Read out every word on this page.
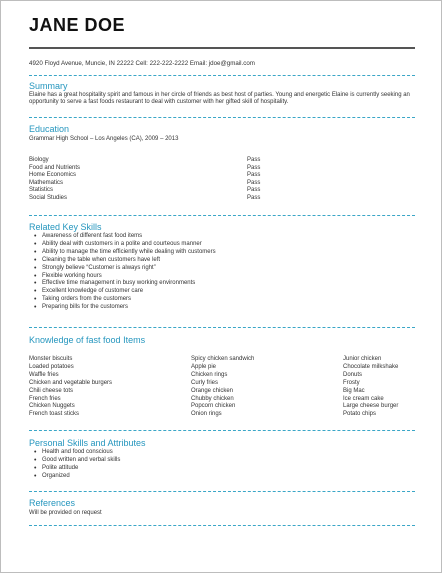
JANE DOE
4920 Floyd Avenue, Muncie, IN 22222 Cell: 222-222-2222 Email: jdoe@gmail.com
Summary
Elaine has a great hospitality spirit and famous in her circle of friends as best host of parties. Young and energetic Elaine is currently seeking an opportunity to serve a fast foods restaurant to deal with customer with her gifted skill of hospitality.
Education
Grammar High School – Los Angeles (CA), 2009 – 2013
Biology	Pass
Food and Nutrients	Pass
Home Economics	Pass
Mathematics	Pass
Statistics	Pass
Social Studies	Pass
Related Key Skills
• Awareness of different fast food items
• Ability deal with customers in a polite and courteous manner
• Ability to manage the time efficiently while dealing with customers
• Cleaning the table when customers have left
• Strongly believe “Customer is always right”
• Flexible working hours
• Effective time management in busy working environments
• Excellent knowledge of customer care
• Taking orders from the customers
• Preparing bills for the customers
Knowledge of fast food Items
Monster biscuits
Loaded potatoes
Waffle fries
Chicken and vegetable burgers
Chili cheese tots
French fries
Chicken Nuggets
French toast sticks
Spicy chicken sandwich
Apple pie
Chicken rings
Curly fries
Orange chicken
Chubby chicken
Popcorn chicken
Onion rings
Junior chicken
Chocolate milkshake
Donuts
Frosty
Big Mac
Ice cream cake
Large cheese burger
Potato chips
Personal Skills and Attributes
• Health and food conscious
• Good written and verbal skills
• Polite attitude
• Organized
References
Will be provided on request
